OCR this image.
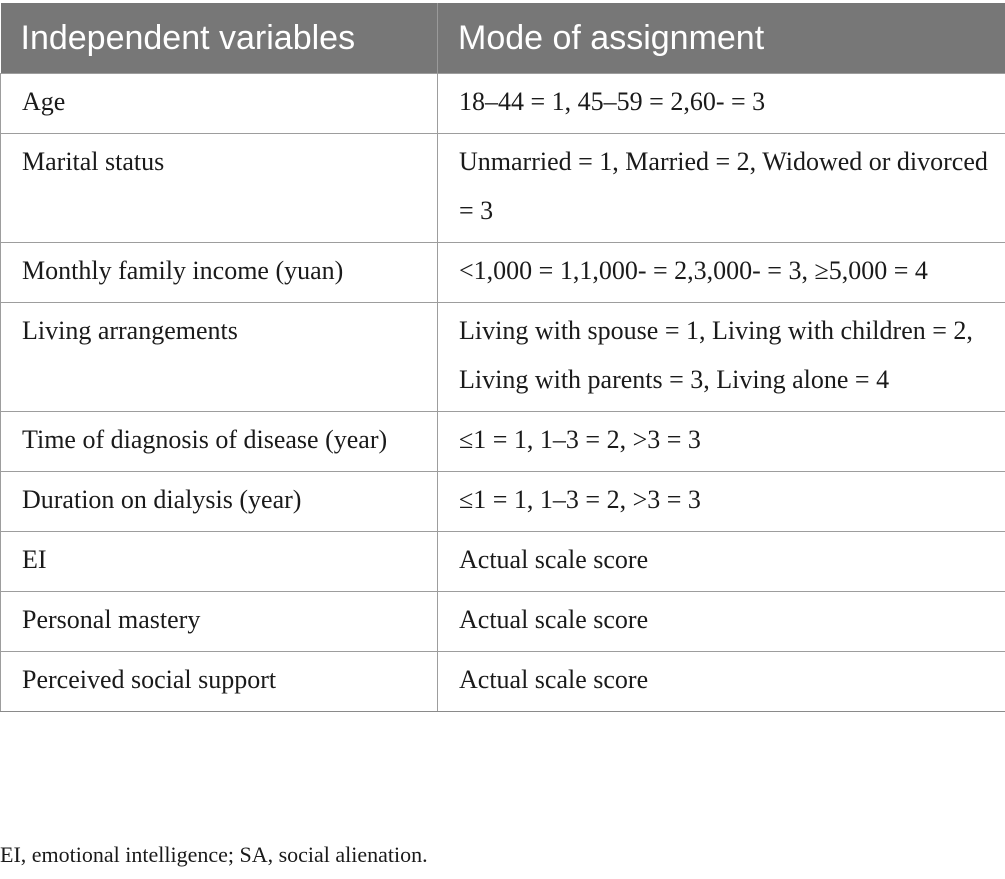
Independent variables	Mode of assignment
Age	18–44 = 1, 45–59 = 2,60- = 3
Marital status	Unmarried = 1, Married = 2, Widowed or divorced = 3
Monthly family income (yuan)	<1,000 = 1,1,000- = 2,3,000- = 3, ≥5,000 = 4
Living arrangements	Living with spouse = 1, Living with children = 2, Living with parents = 3, Living alone = 4
Time of diagnosis of disease (year)	≤1 = 1, 1–3 = 2, >3 = 3
Duration on dialysis (year)	≤1 = 1, 1–3 = 2, >3 = 3
EI	Actual scale score
Personal mastery	Actual scale score
Perceived social support	Actual scale score
EI, emotional intelligence; SA, social alienation.
